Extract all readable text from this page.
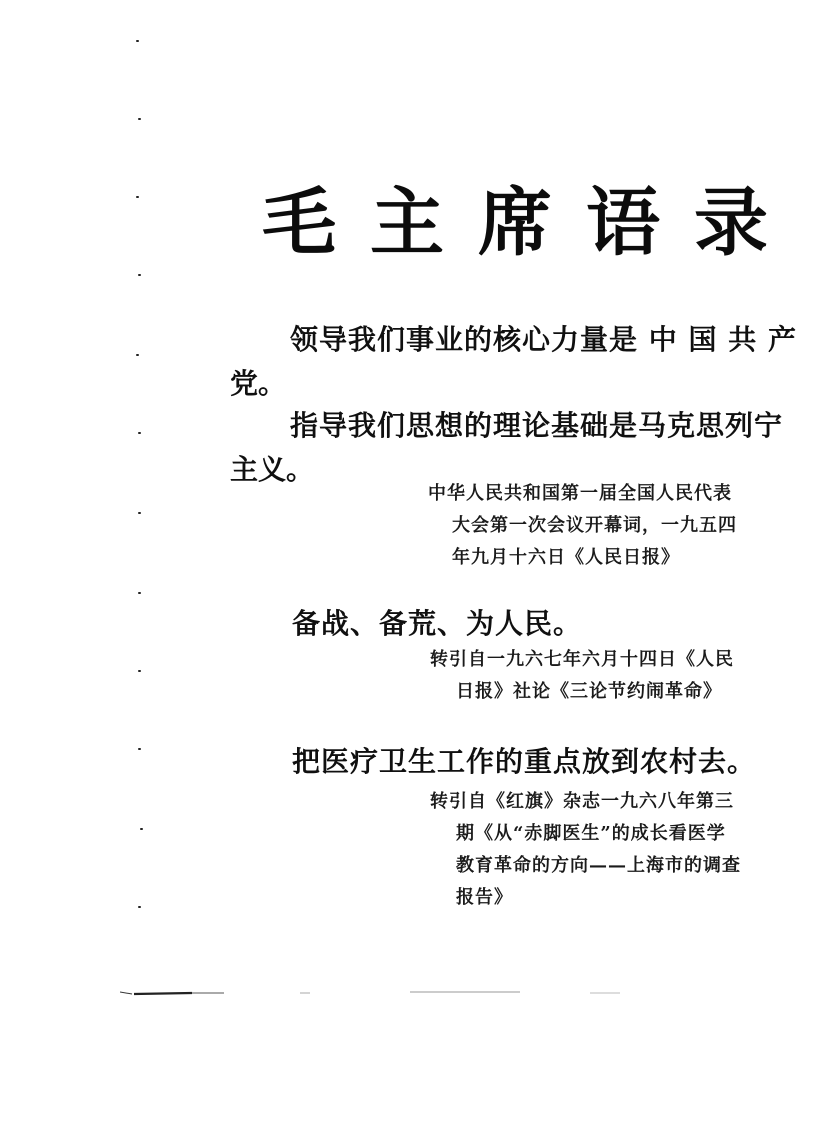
毛主席语录
领导我们事业的核心力量是 中 国 共 产
党。
指导我们思想的理论基础是马克思列宁
主义。
中华人民共和国第一届全国人民代表
大会第一次会议开幕词，一九五四
年九月十六日《人民日报》
备战、备荒、为人民。
转引自一九六七年六月十四日《人民
日报》社论《三论节约闹革命》
把医疗卫生工作的重点放到农村去。
转引自《红旗》杂志一九六八年第三
期《从“赤脚医生”的成长看医学
教育革命的方向——上海市的调查
报告》
